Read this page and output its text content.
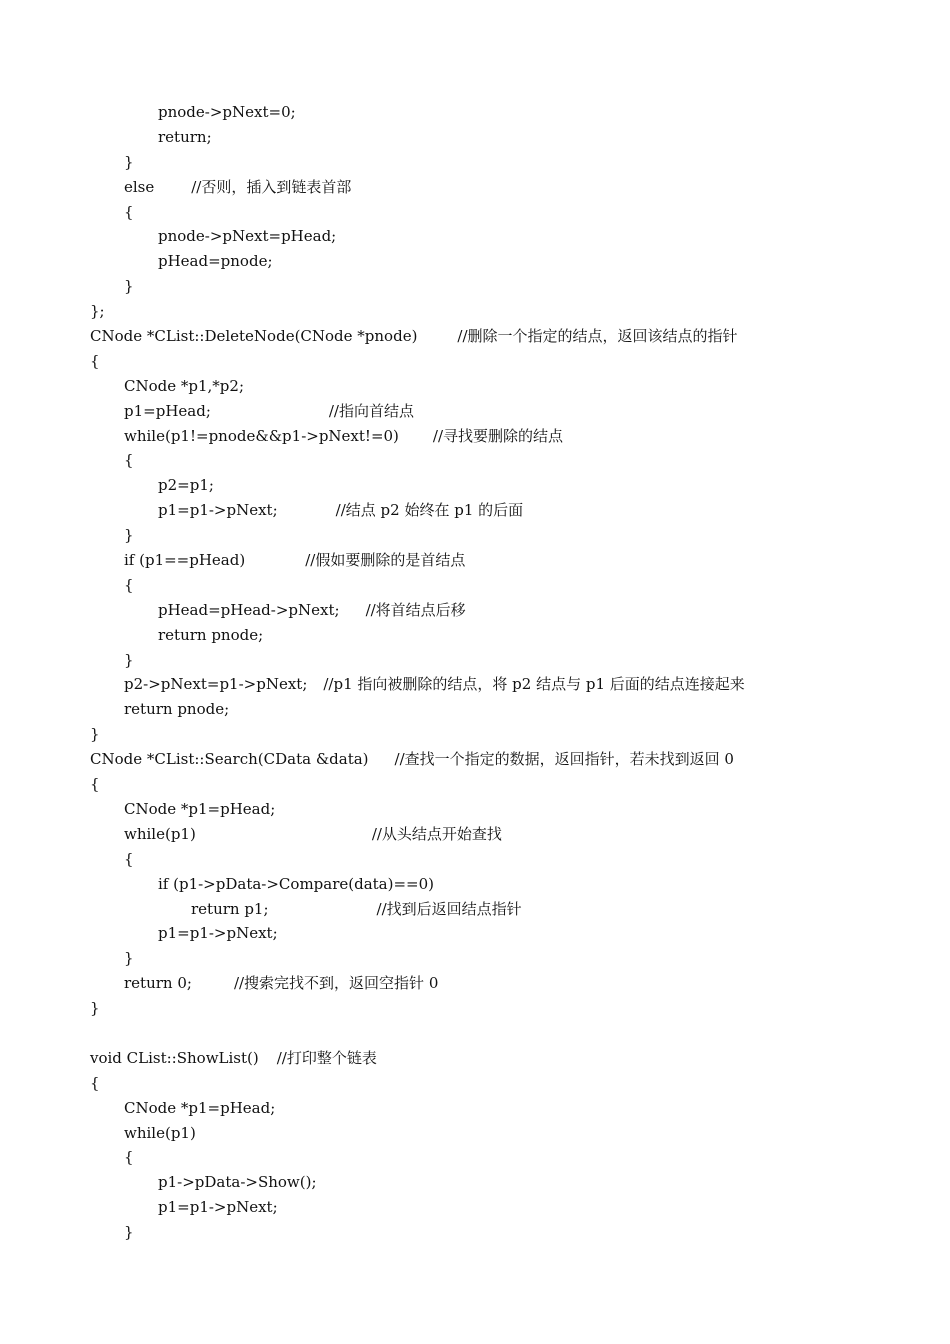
pnode->pNext=0;
return;
}
else //否则，插入到链表首部
{
pnode->pNext=pHead;
pHead=pnode;
}
};
CNode *CList::DeleteNode(CNode *pnode)	//删除一个指定的结点，返回该结点的指针
{
CNode *p1,*p2;
p1=pHead;	//指向首结点
while(p1!=pnode&&p1->pNext!=0) //寻找要删除的结点
{
p2=p1;
p1=p1->pNext;	//结点 p2 始终在 p1 的后面
}
if (p1==pHead)	//假如要删除的是首结点
{
pHead=pHead->pNext; //将首结点后移
return pnode;
}
p2->pNext=p1->pNext; //p1 指向被删除的结点，将 p2 结点与 p1 后面的结点连接起来
return pnode;
}
CNode *CList::Search(CData &data) //查找一个指定的数据，返回指针，若未找到返回 0
{
CNode *p1=pHead;
while(p1)	//从头结点开始查找
{
if (p1->pData->Compare(data)==0)
return p1;	//找到后返回结点指针
p1=p1->pNext;
}
return 0;	//搜索完找不到，返回空指针 0
}
void CList::ShowList() //打印整个链表
{
CNode *p1=pHead;
while(p1)
{
p1->pData->Show();
p1=p1->pNext;
}
